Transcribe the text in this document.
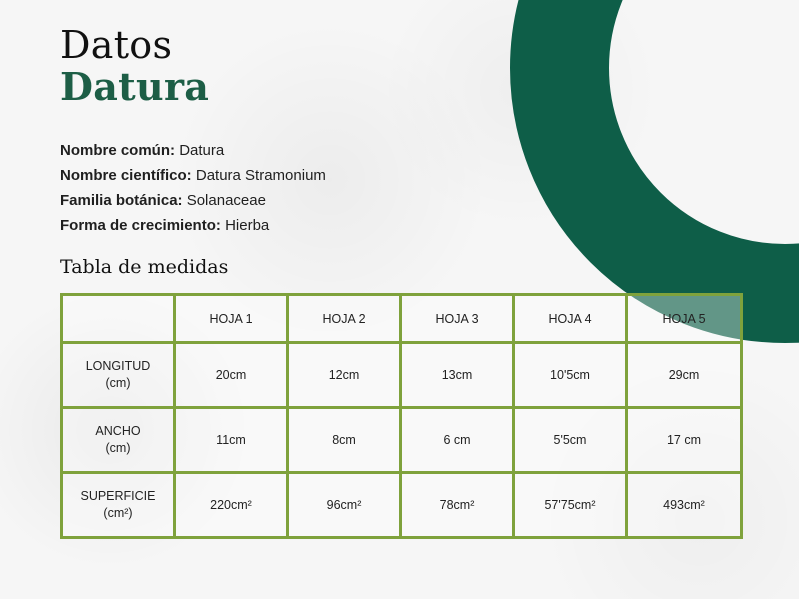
Datos
Datura
Nombre común: Datura
Nombre científico: Datura Stramonium
Familia botánica: Solanaceae
Forma de crecimiento: Hierba
Tabla de medidas
	HOJA 1	HOJA 2	HOJA 3	HOJA 4	HOJA 5
LONGITUD
(cm)	20cm	12cm	13cm	10'5cm	29cm
ANCHO
(cm)	11cm	8cm	6 cm	5'5cm	17 cm
SUPERFICIE
(cm²)	220cm²	96cm²	78cm²	57'75cm²	493cm²
